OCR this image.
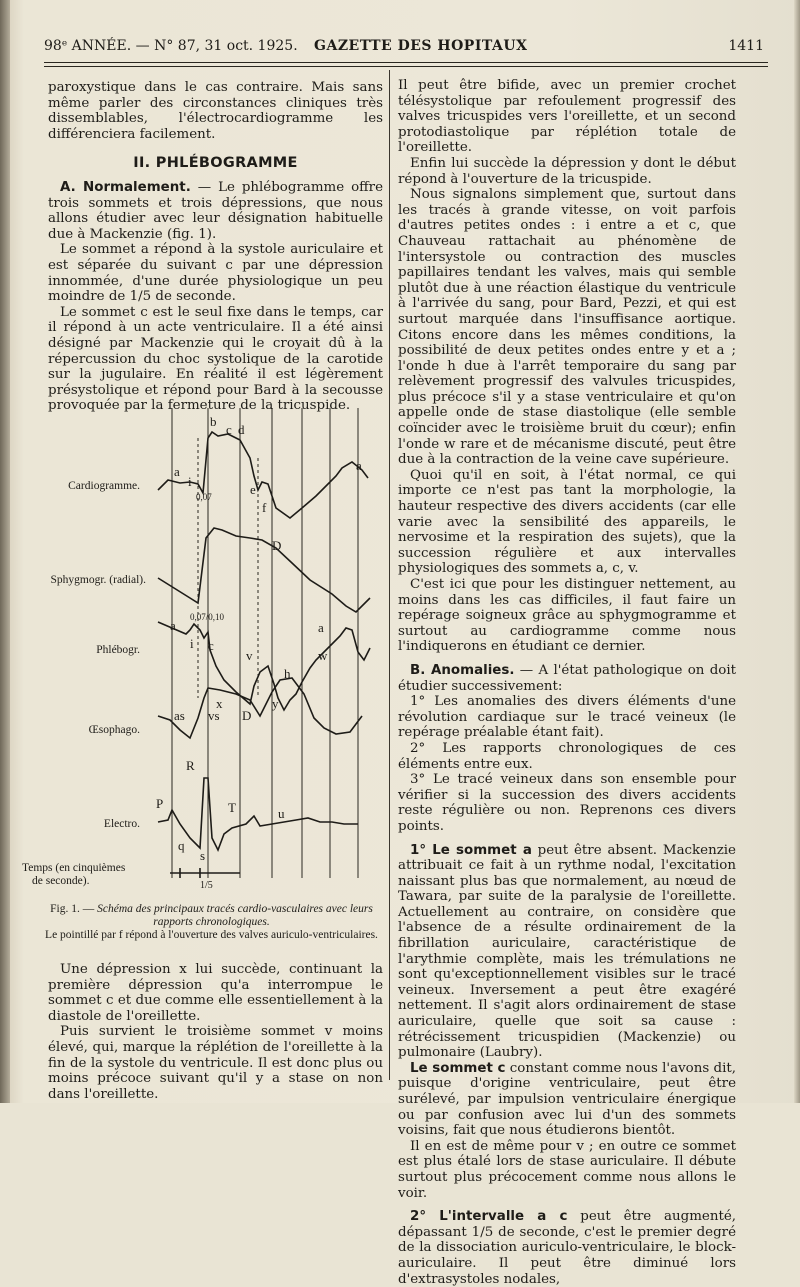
98ᵉ ANNÉE. — N° 87, 31 oct. 1925. GAZETTE DES HOPITAUX	1411

paroxystique dans le cas contraire. Mais sans même parler des circonstances cliniques très dissemblables, l'électrocardiogramme les différenciera facilement.

II. PHLÉBOGRAMME

A. Normalement. — Le phlébogramme offre trois sommets et trois dépressions, que nous allons étudier avec leur désignation habituelle due à Mackenzie (fig. 1).

Le sommet a répond à la systole auriculaire et est séparée du suivant c par une dépression innommée, d'une durée physiologique un peu moindre de 1/5 de seconde.

Le sommet c est le seul fixe dans le temps, car il répond à un acte ventriculaire. Il a été ainsi désigné par Mackenzie qui le croyait dû à la répercussion du choc systolique de la carotide sur la jugulaire. En réalité il est légèrement présystolique et répond pour Bard à la secousse provoquée par la fermeture de la tricuspide.

b
c d
a
i
e
f
D
a
v	w
h
x	y
a
a
i c
as vs D
R
P	T	u
q
s
1/5
0,07
0,07/0,10
Cardiogramme.
Sphygmogr. (radial).
Phlébogr.
Œsophago.
Electro.
Temps (en cinquièmes
de seconde).
Fig. 1. — Schéma des principaux tracés cardio-vasculaires avec leurs rapports chronologiques.
Le pointillé par f répond à l'ouverture des valves auriculo-ventriculaires.

Une dépression x lui succède, continuant la première dépression qu'a interrompue le sommet c et due comme elle essentiellement à la diastole de l'oreillette.

Puis survient le troisième sommet v moins élevé, qui, marque la réplétion de l'oreillette à la fin de la systole du ventricule. Il est donc plus ou moins précoce suivant qu'il y a stase on non dans l'oreillette.

Il peut être bifide, avec un premier crochet télésystolique par refoulement progressif des valves tricuspides vers l'oreillette, et un second protodiastolique par réplétion totale de l'oreillette.

Enfin lui succède la dépression y dont le début répond à l'ouverture de la tricuspide.

Nous signalons simplement que, surtout dans les tracés à grande vitesse, on voit parfois d'autres petites ondes : i entre a et c, que Chauveau rattachait au phénomène de l'intersystole ou contraction des muscles papillaires tendant les valves, mais qui semble plutôt due à une réaction élastique du ventricule à l'arrivée du sang, pour Bard, Pezzi, et qui est surtout marquée dans l'insuffisance aortique. Citons encore dans les mêmes conditions, la possibilité de deux petites ondes entre y et a ; l'onde h due à l'arrêt temporaire du sang par relèvement progressif des valvules tricuspides, plus précoce s'il y a stase ventriculaire et qu'on appelle onde de stase diastolique (elle semble coïncider avec le troisième bruit du cœur); enfin l'onde w rare et de mécanisme discuté, peut être due à la contraction de la veine cave supérieure.

Quoi qu'il en soit, à l'état normal, ce qui importe ce n'est pas tant la morphologie, la hauteur respective des divers accidents (car elle varie avec la sensibilité des appareils, le nervosime et la respiration des sujets), que la succession régulière et aux intervalles physiologiques des sommets a, c, v.

C'est ici que pour les distinguer nettement, au moins dans les cas difficiles, il faut faire un repérage soigneux grâce au sphygmogramme et surtout au cardiogramme comme nous l'indiquerons en étudiant ce dernier.

B. Anomalies. — A l'état pathologique on doit étudier successivement:

1° Les anomalies des divers éléments d'une révolution cardiaque sur le tracé veineux (le repérage préalable étant fait).

2° Les rapports chronologiques de ces éléments entre eux.

3° Le tracé veineux dans son ensemble pour vérifier si la succession des divers accidents reste régulière ou non. Reprenons ces divers points.

1° Le sommet a peut être absent. Mackenzie attribuait ce fait à un rythme nodal, l'excitation naissant plus bas que normalement, au nœud de Tawara, par suite de la paralysie de l'oreillette. Actuellement au contraire, on considère que l'absence de a résulte ordinairement de la fibrillation auriculaire, caractéristique de l'arythmie complète, mais les trémulations ne sont qu'exceptionnellement visibles sur le tracé veineux. Inversement a peut être exagéré nettement. Il s'agit alors ordinairement de stase auriculaire, quelle que soit sa cause : rétrécissement tricuspidien (Mackenzie) ou pulmonaire (Laubry).

Le sommet c constant comme nous l'avons dit, puisque d'origine ventriculaire, peut être surélevé, par impulsion ventriculaire énergique ou par confusion avec lui d'un des sommets voisins, fait que nous étudierons bientôt.

Il en est de même pour v ; en outre ce sommet est plus étalé lors de stase auriculaire. Il débute surtout plus précocement comme nous allons le voir.

2° L'intervalle a c peut être augmenté, dépassant 1/5 de seconde, c'est le premier degré de la dissociation auriculo-ventriculaire, le block-auriculaire. Il peut être diminué lors d'extrasystoles nodales,
